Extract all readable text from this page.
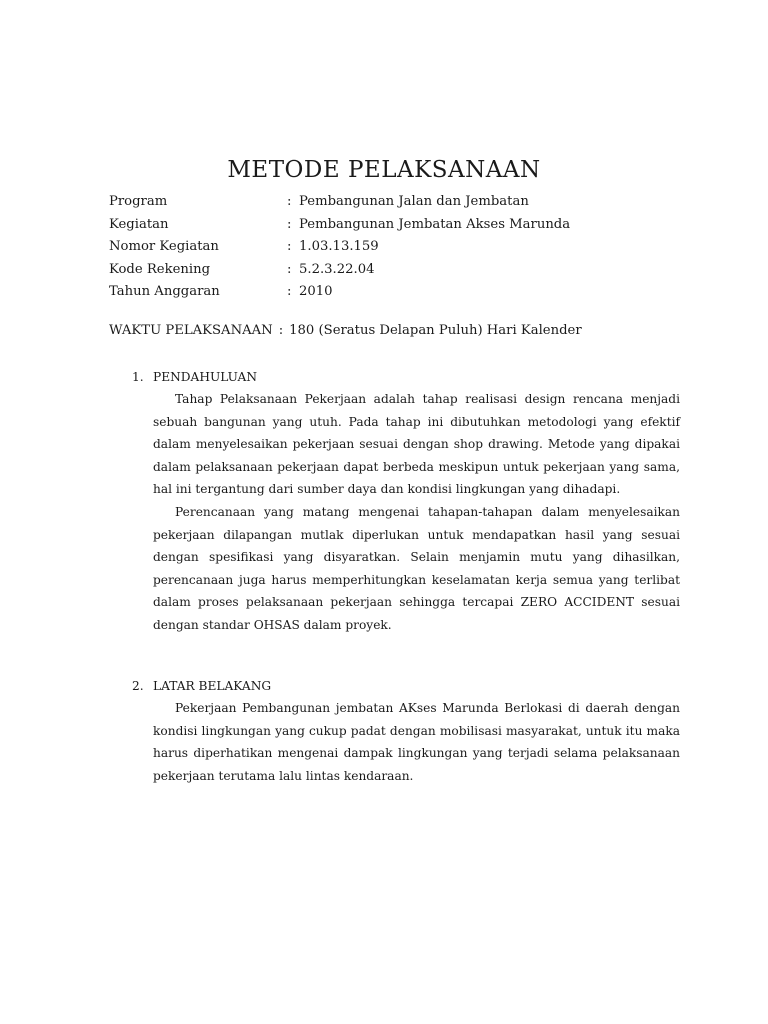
METODE PELAKSANAAN
Program	: Pembangunan Jalan dan Jembatan
Kegiatan	: Pembangunan Jembatan Akses Marunda
Nomor Kegiatan	: 1.03.13.159
Kode Rekening	: 5.2.3.22.04
Tahun Anggaran	: 2010
WAKTU PELAKSANAAN : 180 (Seratus Delapan Puluh) Hari Kalender
1. PENDAHULUAN

Tahap Pelaksanaan Pekerjaan adalah tahap realisasi design rencana menjadi sebuah bangunan yang utuh. Pada tahap ini dibutuhkan metodologi yang efektif dalam menyelesaikan pekerjaan sesuai dengan shop drawing. Metode yang dipakai dalam pelaksanaan pekerjaan dapat berbeda meskipun untuk pekerjaan yang sama, hal ini tergantung dari sumber daya dan kondisi lingkungan yang dihadapi.

Perencanaan yang matang mengenai tahapan-tahapan dalam menyelesaikan pekerjaan dilapangan mutlak diperlukan untuk mendapatkan hasil yang sesuai dengan spesifikasi yang disyaratkan. Selain menjamin mutu yang dihasilkan, perencanaan juga harus memperhitungkan keselamatan kerja semua yang terlibat dalam proses pelaksanaan pekerjaan sehingga tercapai ZERO ACCIDENT sesuai dengan standar OHSAS dalam proyek.

2. LATAR BELAKANG

Pekerjaan Pembangunan jembatan AKses Marunda Berlokasi di daerah dengan kondisi lingkungan yang cukup padat dengan mobilisasi masyarakat, untuk itu maka harus diperhatikan mengenai dampak lingkungan yang terjadi selama pelaksanaan pekerjaan terutama lalu lintas kendaraan.
